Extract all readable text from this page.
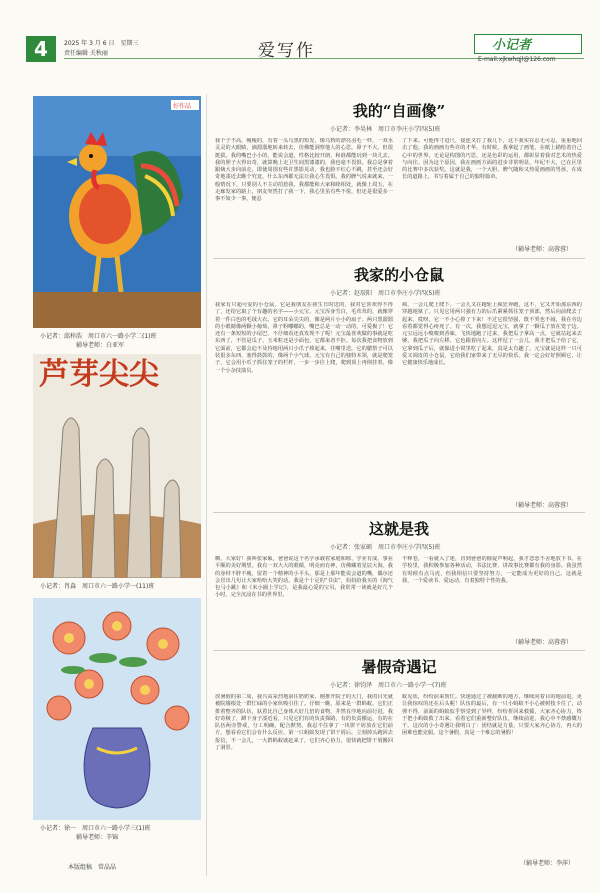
4	2025 年 3 月 6 日　星期三
责任编辑 关秋丽	爱写作	小记者
E-mail:xjkwhqjl@126.com
好作品
小记者：邱梓浩　周口市六一路小学二(1)班
辅导老师：白亚军
芦芽尖尖
小记者：肖淼　周口市六一路小学一(11)班
小记者：徐一　周口市六一路小学三(1)班
辅导老师：辛锦
本版组稿　常晶晶
我的“自画像”
小记者：李昊林　周口市李庄小学四(5)班
我个子不高，瘦瘦的，有着一头乌黑的短发，像乌鸦的漂亮羽毛一样，一双水灵灵的大眼睛，滴溜溜地转来转去，仿佛能洞察他人的心思。鼻子不大，但很挺拔。我的嘴巴小小的，能说会道，性格比较开朗，和谁都能玩到一块儿去。我的胆子大得出奇，就算晚上走卫生间黑漆漆的，我也毫不畏惧。我总是拿着跟姨大步向前走，即使周围有些许黑影晃动，我也脸不红心不跳，甚至还会好奇地凑近去瞧个究竟，什么东西都无法让我心生畏惧。我的脾气说来就来，一般情况下，只要别人不主动招惹我，我都能和大家和睦相处，就像上周五，在走廊发家的路上，朋友突然打了我一下，我心里虽有些不悦，但还是很爱多一事不如少一事，便忍
了下来。可他得寸进尺，接连又打了我几下，这下我实在忍无可忍，重重地回击了他。我的画画有些许的才华，有时候，我拿起了画笔，在纸上描绘着自己心中的世界，无论是构图的巧思，还是色彩的运用，都彰显着我对艺术的热爱与向往。因为这个原因，我在画画方面的进步非常明显，年纪不大，已在区里的比赛中多次获奖。这就是我，一个大胆、脾气随和又热爱画画的男孩，在成长的道路上，书写着属于自己的独特篇章。
（辅导老师：高蓉蓉）
我家的小仓鼠
小记者：赵辰阳　周口市李庄小学四(5)班
我家有只超可爱的小仓鼠，它是我朋友在我生日时送的，我对它喜欢得不得了，还给它取了个有趣的名字——小元宝。元宝浑身雪白，毛茸茸的，就像穿着一件白色的毛绒大衣。它的耳朵尖尖的，像是两片小小的扇子。两只黑溜溜的小眼睛像两颗小葡萄，鼻子粉嘟嘟的，嘴巴总是一动一动的，可爱极了！它还有一条短短的小尾巴，不仔细看还真发现不了呢！元宝最喜欢做的事就是吃东西了，不管是瓜子、玉米粒还是小面包，它都来者不拒。每次我把食物放到它面前，它都会迫不及待地用两只小爪子捧起来，往嘴里送。它的腮帮子可以装很多东西，塞得鼓鼓的，像两个小气球。元宝有自己的独特本领，就是爬笼子。它会用小爪子抓住笼子的栏杆，一步一步往上爬，爬到顶上再倒挂着，像一个小杂技演员。
疯，一会儿爬上爬下，一会儿又在跑轮上疯狂奔跑，这不，它又开始那东西的穿越地狱了。只见它用两只强有力的后爪紧紧抓住笼子顶部，然后向前爬去了起来，哎呀，它一不小心掉了下来！不过它很坚强，既不哭也不闹，我在旁边看着都觉得心疼死了。有一次，我想逗逗元宝，就拿了一颗瓜子放在笼子边。元宝远远小嗅嗅到香味，飞快地跑了过来，我把瓜子拿高一点，它就站起来去够，我把瓜子向左移，它也跟着向左。这样逗了一会儿，我才把瓜子给了它，它拿到瓜子后，就躲进小窝里吃了起来，真是太有趣了。元宝就是这样一只可爱又调皮的小仓鼠，它给我们家带来了无尽的快乐。我一定会好好照顾它，让它健康快乐地成长。
（辅导老师：高蓉蓉）
这就是我
小记者：张家硕　周口市李庄小学四(5)班
嗨，大家好！我叫张家硕，爸爸说这个名字承载着家庭和睦、学业有成、事业平顺的美好期望。我有一双大大的眼睛，明亮而有神，仿佛藏着星辰大海。我的身材不胖不瘦，留着一个精神的小平头，那是上那年能说会道的嘴，偶尔还会冒出几句让大家哈哈大笑的话。我是个十足的“书虫”，妈妈给我买的《淘气包马小跳》和《米小圈上学记》，是我最心爱的宝贝，我常常一读就是好几个小时，完全沉浸在书的世界里。
不释卷，一看就入了迷，直到爸爸的催促声响起，我才恋恋不舍地放下书。在学校里，我积极参加各种活动，书法比赛、讲故事比赛都有我的身影。我虽然有时候有点马虎，但我相信只要坚持努力，一定能成为更好的自己。这就是我，一个爱读书、爱运动，有着独特个性的我。
（辅导老师：高蓉蓉）
暑假奇遇记
小记者：徐钧泽　周口市六一路小学一(7)班
放暑假的第二周，我兴高采烈地前往奶奶家，刚推开院子的大门，我的目光就被院墙根处一群忙碌的小家伙吸引住了。仔细一瞧，原来是一群蚂蚁，它们正排着整齐的队伍，驮着比自己身体大好几倍的食物，井然有序地向前行进。我好奇极了，蹲下身子凑近看，只见它们有的负责探路，有的负责搬运，有的在队伍两旁警戒，分工明确，配合默契。我忍不住拿了一块饼干屑放在它们前方，想看看它们会有什么反应。第一只蚂蚁发现了饼干屑后，立刻掉头跑回去报信，不一会儿，一大群蚂蚁就赶来了，它们齐心协力，很快就把饼干屑搬回了洞里。
蚁见状，纷纷前来帮忙。快速通过了被截断的地方，继续向着目的地前进。更让我惊叹的还在后头呢！队伍的最后，有一只小蚂蚁不小心被树枝卡住了，动弹不得，前面的蚂蚁似乎察觉到了异样，纷纷折回来救援，大家齐心协力，终于把小蚂蚁救了出来。看着它们重新整好队伍，继续前进，我心中不禁感慨万千。这次的小小奇遇让我明白了：团结就是力量，只要大家齐心协力，再大的困难也能克服。这个暑假，真是一个难忘的暑假！
（辅导老师：李萍）
